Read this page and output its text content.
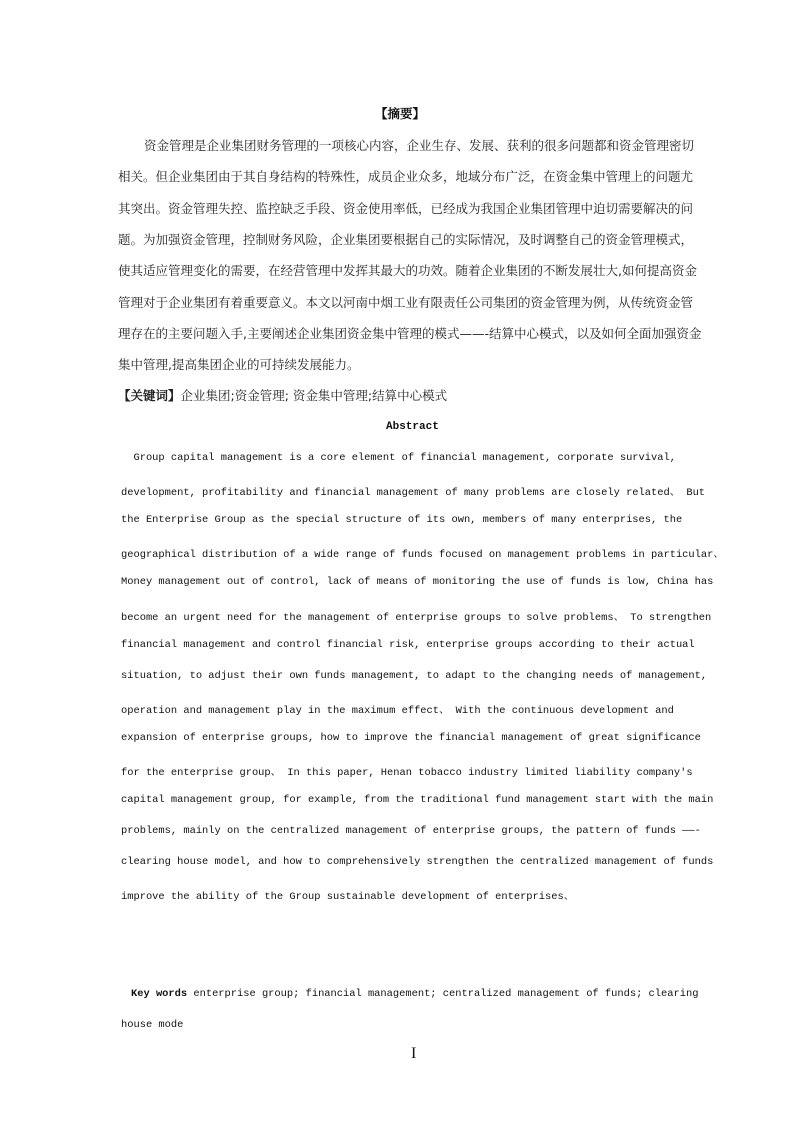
【摘要】
资金管理是企业集团财务管理的一项核心内容，企业生存、发展、获利的很多问题都和资金管理密切
相关。但企业集团由于其自身结构的特殊性，成员企业众多，地域分布广泛，在资金集中管理上的问题尤
其突出。资金管理失控、监控缺乏手段、资金使用率低，已经成为我国企业集团管理中迫切需要解决的问
题。为加强资金管理，控制财务风险，企业集团要根据自己的实际情况，及时调整自己的资金管理模式，
使其适应管理变化的需要，在经营管理中发挥其最大的功效。随着企业集团的不断发展壮大,如何提高资金
管理对于企业集团有着重要意义。本文以河南中烟工业有限责任公司集团的资金管理为例，从传统资金管
理存在的主要问题入手,主要阐述企业集团资金集中管理的模式——-结算中心模式，以及如何全面加强资金
集中管理,提高集团企业的可持续发展能力。
【关键词】企业集团;资金管理; 资金集中管理;结算中心模式
Abstract
Group capital management is a core element of financial management, corporate survival,
development, profitability and financial management of many problems are closely related、 But
the Enterprise Group as the special structure of its own, members of many enterprises, the
geographical distribution of a wide range of funds focused on management problems in particular、
Money management out of control, lack of means of monitoring the use of funds is low, China has
become an urgent need for the management of enterprise groups to solve problems、 To strengthen
financial management and control financial risk, enterprise groups according to their actual
situation, to adjust their own funds management, to adapt to the changing needs of management,
operation and management play in the maximum effect、 With the continuous development and
expansion of enterprise groups, how to improve the financial management of great significance
for the enterprise group、 In this paper, Henan tobacco industry limited liability company's
capital management group, for example, from the traditional fund management start with the main
problems, mainly on the centralized management of enterprise groups, the pattern of funds ——-
clearing house model, and how to comprehensively strengthen the centralized management of funds
improve the ability of the Group sustainable development of enterprises、
Key words enterprise group; financial management; centralized management of funds; clearing
house mode
I
